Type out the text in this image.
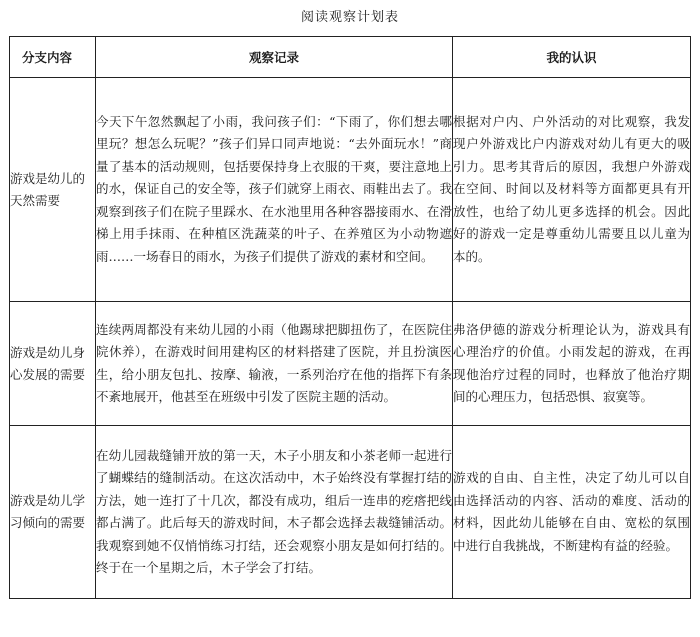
阅读观察计划表
分支内容	观察记录	我的认识
游戏是幼儿的天然需要	今天下午忽然飘起了小雨，我问孩子们：“下雨了，你们想去哪里玩？想怎么玩呢？”孩子们异口同声地说：“去外面玩水！”商量了基本的活动规则，包括要保持身上衣服的干爽，要注意地上的水，保证自己的安全等，孩子们就穿上雨衣、雨鞋出去了。我观察到孩子们在院子里踩水、在水池里用各种容器接雨水、在滑梯上用手抹雨、在种植区洗蔬菜的叶子、在养殖区为小动物遮雨……一场春日的雨水，为孩子们提供了游戏的素材和空间。	根据对户内、户外活动的对比观察，我发现户外游戏比户内游戏对幼儿有更大的吸引力。思考其背后的原因，我想户外游戏在空间、时间以及材料等方面都更具有开放性，也给了幼儿更多选择的机会。因此好的游戏一定是尊重幼儿需要且以儿童为本的。

游戏是幼儿身心发展的需要	连续两周都没有来幼儿园的小雨（他踢球把脚扭伤了，在医院住院休养），在游戏时间用建构区的材料搭建了医院，并且扮演医生，给小朋友包扎、按摩、输液，一系列治疗在他的指挥下有条不紊地展开，他甚至在班级中引发了医院主题的活动。	弗洛伊德的游戏分析理论认为，游戏具有心理治疗的价值。小雨发起的游戏，在再现他治疗过程的同时，也释放了他治疗期间的心理压力，包括恐惧、寂寞等。

游戏是幼儿学习倾向的需要	在幼儿园裁缝铺开放的第一天，木子小朋友和小茶老师一起进行了蝴蝶结的缝制活动。在这次活动中，木子始终没有掌握打结的方法，她一连打了十几次，都没有成功，组后一连串的疙瘩把线都占满了。此后每天的游戏时间，木子都会选择去裁缝铺活动。我观察到她不仅悄悄练习打结，还会观察小朋友是如何打结的。终于在一个星期之后，木子学会了打结。	游戏的自由、自主性，决定了幼儿可以自由选择活动的内容、活动的难度、活动的材料，因此幼儿能够在自由、宽松的氛围中进行自我挑战，不断建构有益的经验。
